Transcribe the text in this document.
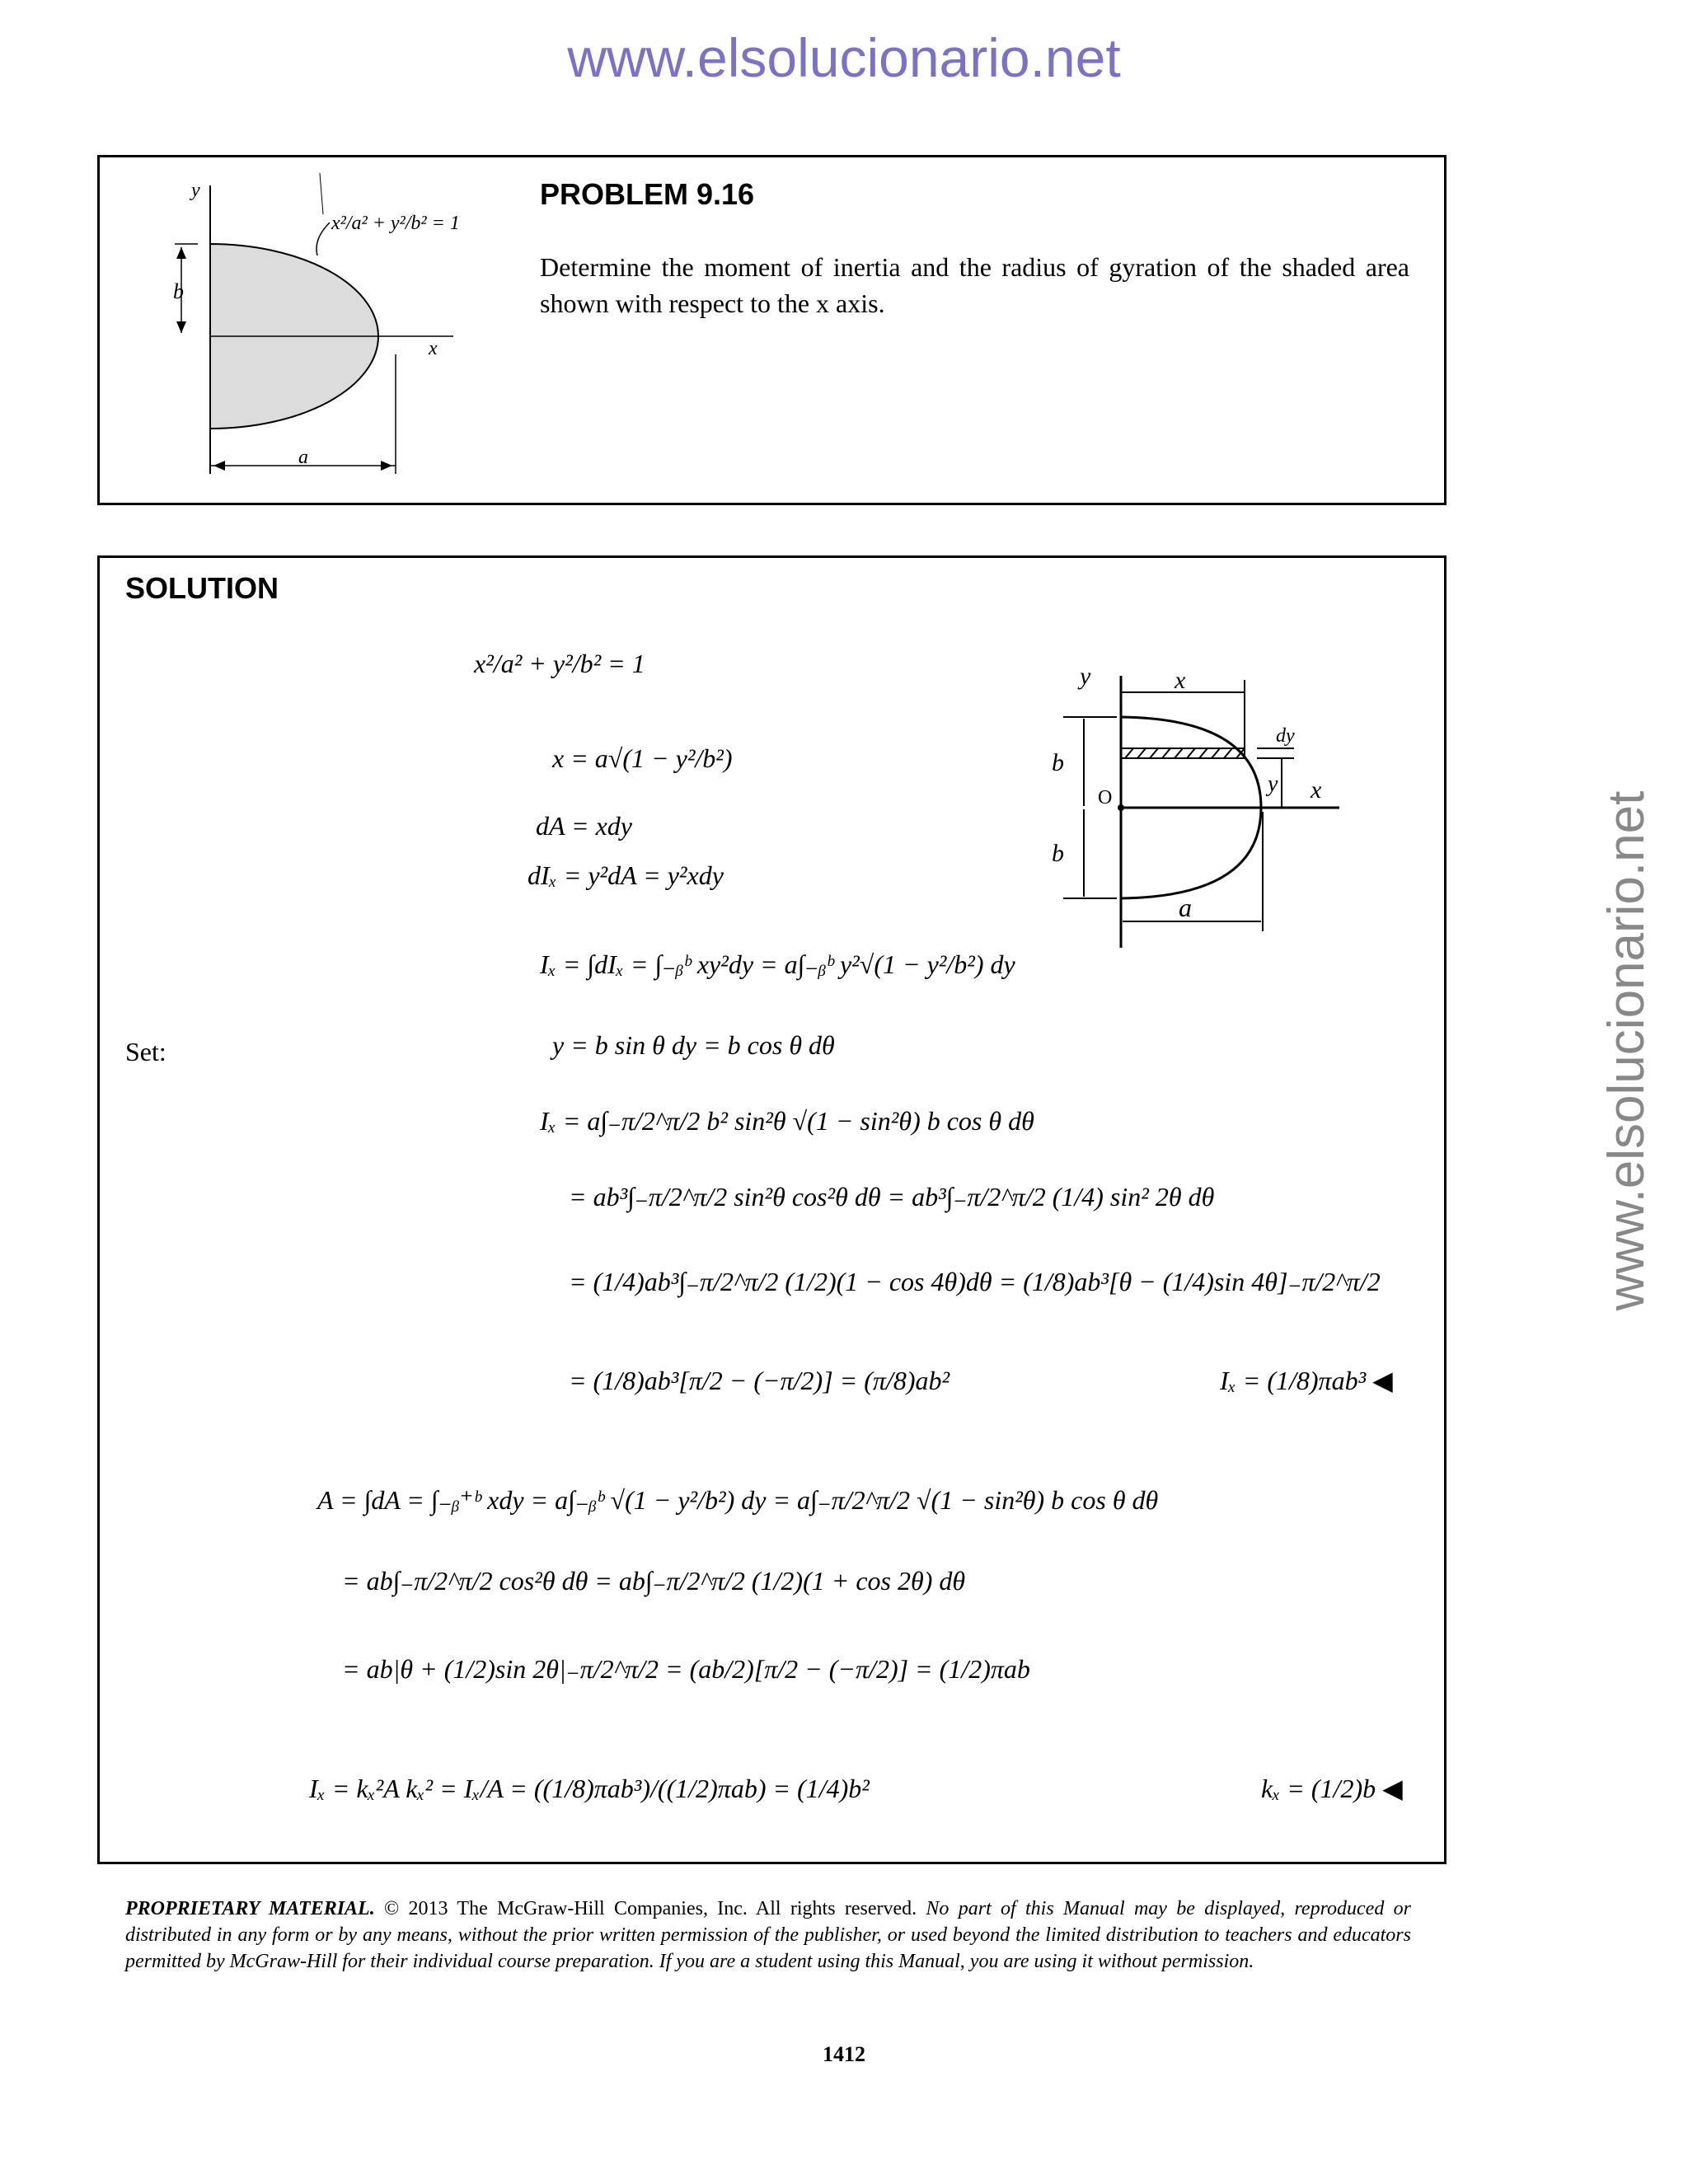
www.elsolucionario.net
www.elsolucionario.net
y
x
b
a
x²/a² + y²/b² = 1
PROBLEM 9.16
Determine the moment of inertia and the radius of gyration of the shaded area shown with respect to the x axis.
SOLUTION
Set:
y	x
dy
y x
b
O
b
a
x²/a² + y²/b² = 1
x = a√(1 − y²/b²)
dA = xdy
dIₓ = y²dA = y²xdy
Iₓ = ∫dIₓ = ∫₋ᵦᵇ xy²dy = a∫₋ᵦᵇ y²√(1 − y²/b²) dy
y = b sin θ dy = b cos θ dθ
Iₓ = a∫₋π/2^π/2 b² sin²θ √(1 − sin²θ) b cos θ dθ
= ab³∫₋π/2^π/2 sin²θ cos²θ dθ = ab³∫₋π/2^π/2 (1/4) sin² 2θ dθ
= (1/4)ab³∫₋π/2^π/2 (1/2)(1 − cos 4θ)dθ = (1/8)ab³[θ − (1/4)sin 4θ]₋π/2^π/2
= (1/8)ab³[π/2 − (−π/2)] = (π/8)ab²	Iₓ = (1/8)πab³ ◀
A = ∫dA = ∫₋ᵦ⁺ᵇ xdy = a∫₋ᵦᵇ √(1 − y²/b²) dy = a∫₋π/2^π/2 √(1 − sin²θ) b cos θ dθ
= ab∫₋π/2^π/2 cos²θ dθ = ab∫₋π/2^π/2 (1/2)(1 + cos 2θ) dθ
= ab|θ + (1/2)sin 2θ|₋π/2^π/2 = (ab/2)[π/2 − (−π/2)] = (1/2)πab
Iₓ = kₓ²A kₓ² = Iₓ/A = ((1/8)πab³)/((1/2)πab) = (1/4)b²	kₓ = (1/2)b ◀
PROPRIETARY MATERIAL. © 2013 The McGraw-Hill Companies, Inc. All rights reserved. No part of this Manual may be displayed, reproduced or distributed in any form or by any means, without the prior written permission of the publisher, or used beyond the limited distribution to teachers and educators permitted by McGraw-Hill for their individual course preparation. If you are a student using this Manual, you are using it without permission.
1412
